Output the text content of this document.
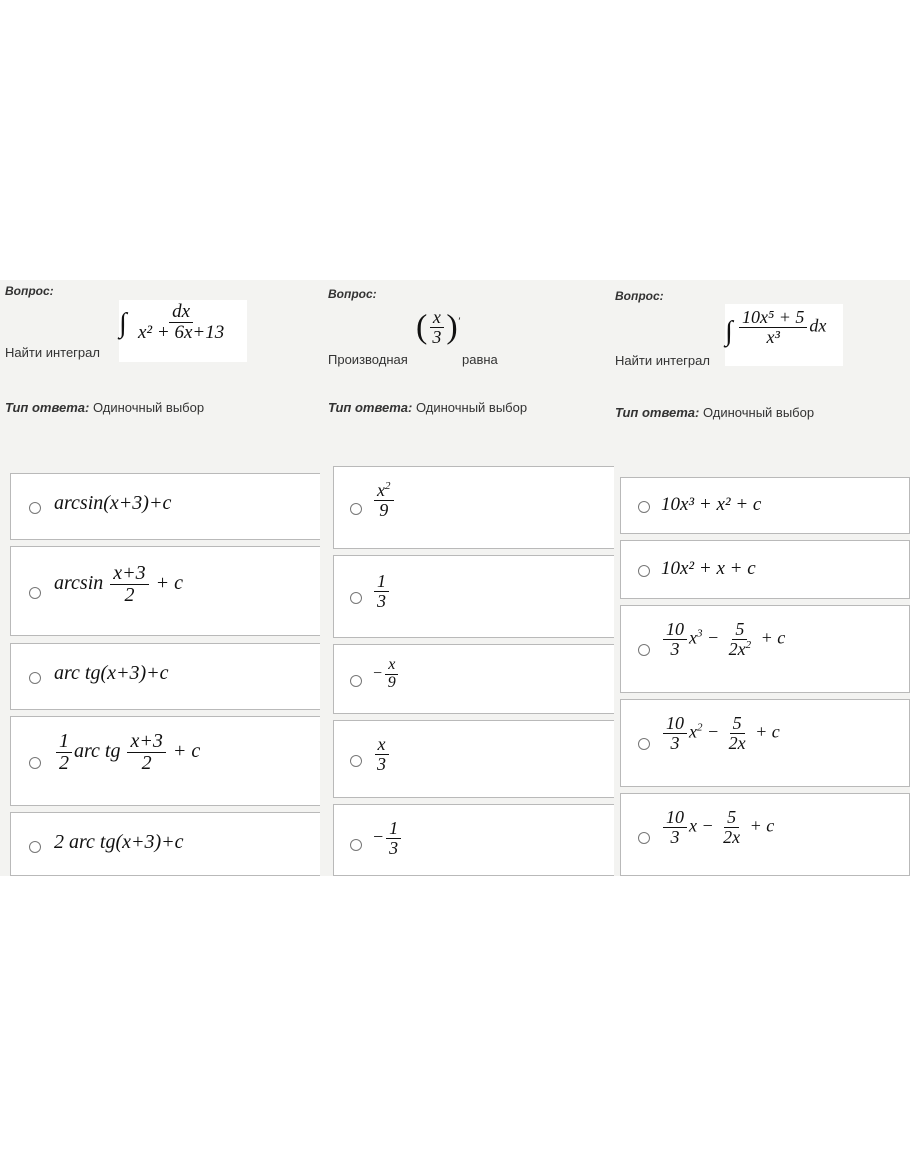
Вопрос:
Найти интеграл
∫ $\frac{dx}{\text{x² + 6x+13}}$
Тип ответа: Одиночный выбор
arcsin(x+3)+c
$\arcsin \frac{x+3}{2} + c$
arc tg(x+3)+c
$\frac{1}{2}$ arc tg $\frac{x+3}{2} + c$
2 arc tg(x+3)+c
Вопрос:
Производная
( $\frac{x}{3} )'$
равна
Тип ответа: Одиночный выбор
$\frac{x^2}{9}$
$\frac{1}{3}$
− $\frac{x}{9}$
$\frac{x}{3}$
− $\frac{1}{3}$
Вопрос:
Найти интеграл
∫ $\frac{\text{10x⁵ + 5}}{\text{x³}}$ dx
Тип ответа: Одиночный выбор
10x³ + x² + c
10x² + x + c
$\frac{10}{3} x^3 - \frac{5}{2x^2} + c$
$\frac{10}{3} x^2 - \frac{5}{2x} + c$
$\frac{10}{3}$ $x - \frac{5}{2x} + c$
